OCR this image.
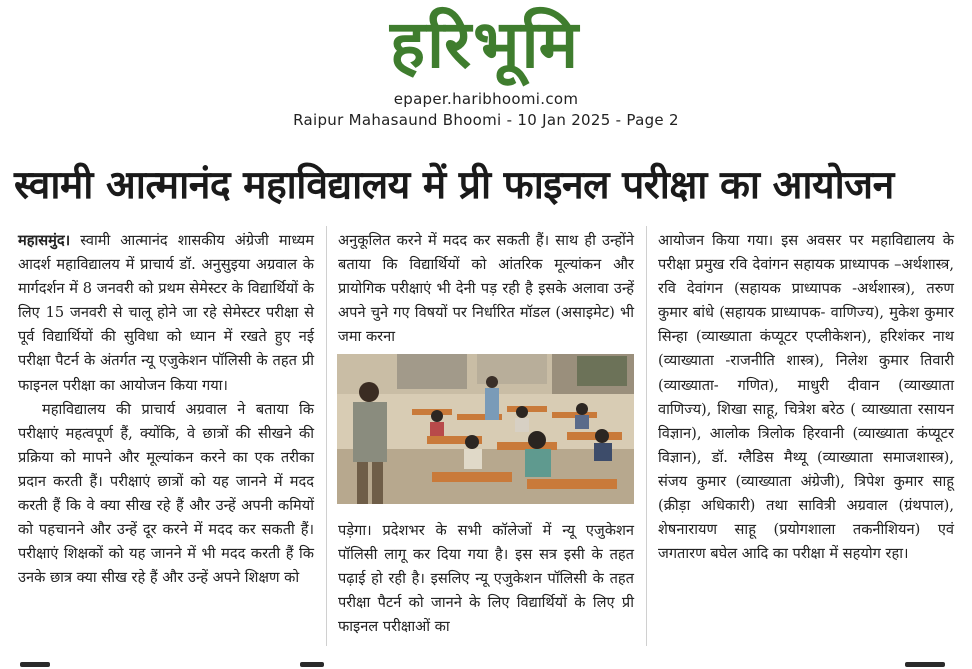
हरिभूमि
epaper.haribhoomi.com
Raipur Mahasaund Bhoomi - 10 Jan 2025 - Page 2
स्वामी आत्मानंद महाविद्यालय में प्री फाइनल परीक्षा का आयोजन

महासमुंद। स्वामी आत्मानंद शासकीय अंग्रेजी माध्यम आदर्श महाविद्यालय में प्राचार्य डॉ. अनुसुइया अग्रवाल के मार्गदर्शन में 8 जनवरी को प्रथम सेमेस्टर के विद्यार्थियों के लिए 15 जनवरी से चालू होने जा रहे सेमेस्टर परीक्षा से पूर्व विद्यार्थियों की सुविधा को ध्यान में रखते हुए नई परीक्षा पैटर्न के अंतर्गत न्यू एजुकेशन पॉलिसी के तहत प्री फाइनल परीक्षा का आयोजन किया गया।

महाविद्यालय की प्राचार्य अग्रवाल ने बताया कि परीक्षाएं महत्वपूर्ण हैं, क्योंकि, वे छात्रों की सीखने की प्रक्रिया को मापने और मूल्यांकन करने का एक तरीका प्रदान करती हैं। परीक्षाएं छात्रों को यह जानने में मदद करती हैं कि वे क्या सीख रहे हैं और उन्हें अपनी कमियों को पहचानने और उन्हें दूर करने में मदद कर सकती हैं। परीक्षाएं शिक्षकों को यह जानने में भी मदद करती हैं कि उनके छात्र क्या सीख रहे हैं और उन्हें अपने शिक्षण को

अनुकूलित करने में मदद कर सकती हैं। साथ ही उन्होंने बताया कि विद्यार्थियों को आंतरिक मूल्यांकन और प्रायोगिक परीक्षाएं भी देनी पड़ रही है इसके अलावा उन्हें अपने चुने गए विषयों पर निर्धारित मॉडल (असाइमेट) भी जमा करना

पड़ेगा। प्रदेशभर के सभी कॉलेजों में न्यू एजुकेशन पॉलिसी लागू कर दिया गया है। इस सत्र इसी के तहत पढ़ाई हो रही है। इसलिए न्यू एजुकेशन पॉलिसी के तहत परीक्षा पैटर्न को जानने के लिए विद्यार्थियों के लिए प्री फाइनल परीक्षाओं का

आयोजन किया गया। इस अवसर पर महाविद्यालय के परीक्षा प्रमुख रवि देवांगन सहायक प्राध्यापक –अर्थशास्त्र, रवि देवांगन (सहायक प्राध्यापक -अर्थशास्त्र), तरुण कुमार बांधे (सहायक प्राध्यापक- वाणिज्य), मुकेश कुमार सिन्हा (व्याख्याता कंप्यूटर एप्लीकेशन), हरिशंकर नाथ (व्याख्याता -राजनीति शास्त्र), निलेश कुमार तिवारी (व्याख्याता- गणित), माधुरी दीवान (व्याख्याता वाणिज्य), शिखा साहू, चित्रेश बरेठ ( व्याख्याता रसायन विज्ञान), आलोक त्रिलोक हिरवानी (व्याख्याता कंप्यूटर विज्ञान), डॉ. ग्लैडिस मैथ्यू (व्याख्याता समाजशास्त्र), संजय कुमार (व्याख्याता अंग्रेजी), त्रिपेश कुमार साहू (क्रीड़ा अधिकारी) तथा सावित्री अग्रवाल (ग्रंथपाल), शेषनारायण साहू (प्रयोगशाला तकनीशियन) एवं जगतारण बघेल आदि का परीक्षा में सहयोग रहा।
